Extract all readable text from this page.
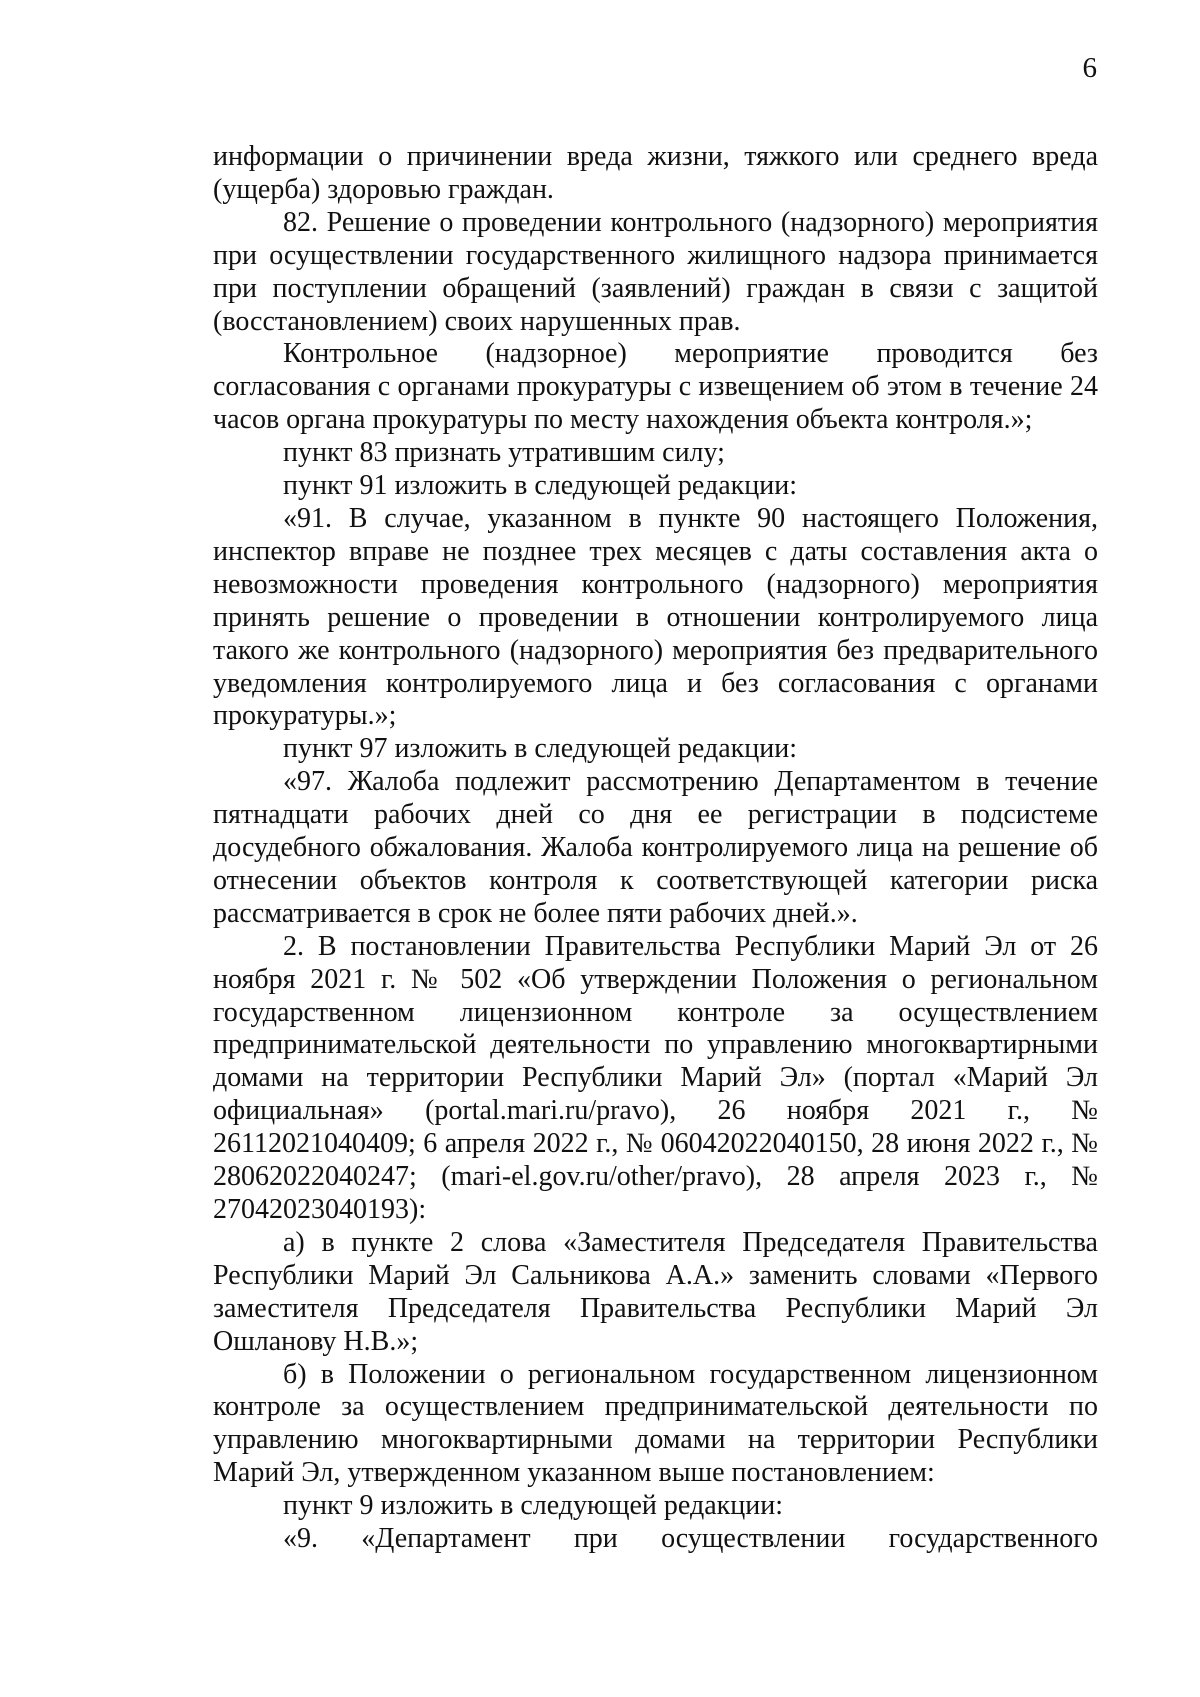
6

информации о причинении вреда жизни, тяжкого или среднего вреда (ущерба) здоровью граждан.

82. Решение о проведении контрольного (надзорного) мероприятия при осуществлении государственного жилищного надзора принимается при поступлении обращений (заявлений) граждан в связи с защитой (восстановлением) своих нарушенных прав.

Контрольное (надзорное) мероприятие проводится без согласования с органами прокуратуры с извещением об этом в течение 24 часов органа прокуратуры по месту нахождения объекта контроля.»;

пункт 83 признать утратившим силу;

пункт 91 изложить в следующей редакции:

«91. В случае, указанном в пункте 90 настоящего Положения, инспектор вправе не позднее трех месяцев с даты составления акта о невозможности проведения контрольного (надзорного) мероприятия принять решение о проведении в отношении контролируемого лица такого же контрольного (надзорного) мероприятия без предварительного уведомления контролируемого лица и без согласования с органами прокуратуры.»;

пункт 97 изложить в следующей редакции:

«97. Жалоба подлежит рассмотрению Департаментом в течение пятнадцати рабочих дней со дня ее регистрации в подсистеме досудебного обжалования. Жалоба контролируемого лица на решение об отнесении объектов контроля к соответствующей категории риска рассматривается в срок не более пяти рабочих дней.».

2. В постановлении Правительства Республики Марий Эл от 26 ноября 2021 г. № 502 «Об утверждении Положения о региональном государственном лицензионном контроле за осуществлением предпринимательской деятельности по управлению многоквартирными домами на территории Республики Марий Эл» (портал «Марий Эл официальная» (portal.mari.ru/pravo), 26 ноября 2021 г., № 26112021040409; 6 апреля 2022 г., № 06042022040150, 28 июня 2022 г., № 28062022040247; (mari-el.gov.ru/other/pravo), 28 апреля 2023 г., № 27042023040193):

а) в пункте 2 слова «Заместителя Председателя Правительства Республики Марий Эл Сальникова А.А.» заменить словами «Первого заместителя Председателя Правительства Республики Марий Эл Ошланову Н.В.»;

б) в Положении о региональном государственном лицензионном контроле за осуществлением предпринимательской деятельности по управлению многоквартирными домами на территории Республики Марий Эл, утвержденном указанном выше постановлением:

пункт 9 изложить в следующей редакции:

«9. «Департамент при осуществлении государственного
